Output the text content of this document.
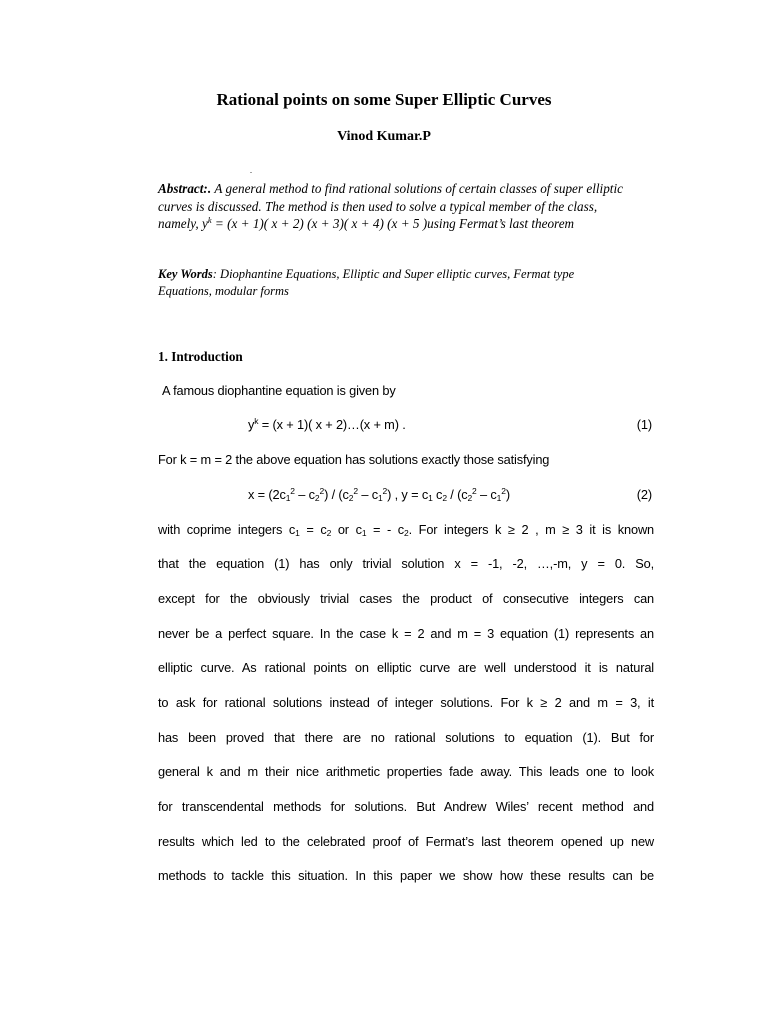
Rational points on some Super Elliptic Curves
Vinod Kumar.P
.
Abstract:. A general method to find rational solutions of certain classes of super elliptic curves is discussed. The method is then used to solve a typical member of the class, namely, $y^k = (x + 1)$( x + 2) (x + 3)( x + 4) (x + 5 )using Fermat’s last theorem
Key Words: Diophantine Equations, Elliptic and Super elliptic curves, Fermat type Equations, modular forms
1. Introduction
A famous diophantine equation is given by
$y^k = (x + 1)$( x + 2)…(x + m) .	(1)
For k = m = 2 the above equation has solutions exactly those satisfying
$x = (2c_1^2 - c_2^2) / (c_2^2 - c_1^2)$ , $y = c_1$ $c_2 / (c_2^2 - c_1^2)$	(2)
with coprime integers $c_1 = c_2$ or $c_1$ = - $c_2$. For integers k ≥ 2 , m ≥ 3 it is known
that the equation (1) has only trivial solution x = -1, -2, …,-m, y = 0. So,
except for the obviously trivial cases the product of consecutive integers can
never be a perfect square. In the case k = 2 and m = 3 equation (1) represents an
elliptic curve. As rational points on elliptic curve are well understood it is natural
to ask for rational solutions instead of integer solutions. For k ≥ 2 and m = 3, it
has been proved that there are no rational solutions to equation (1). But for
general k and m their nice arithmetic properties fade away. This leads one to look
for transcendental methods for solutions. But Andrew Wiles’ recent method and
results which led to the celebrated proof of Fermat’s last theorem opened up new
methods to tackle this situation. In this paper we show how these results can be
